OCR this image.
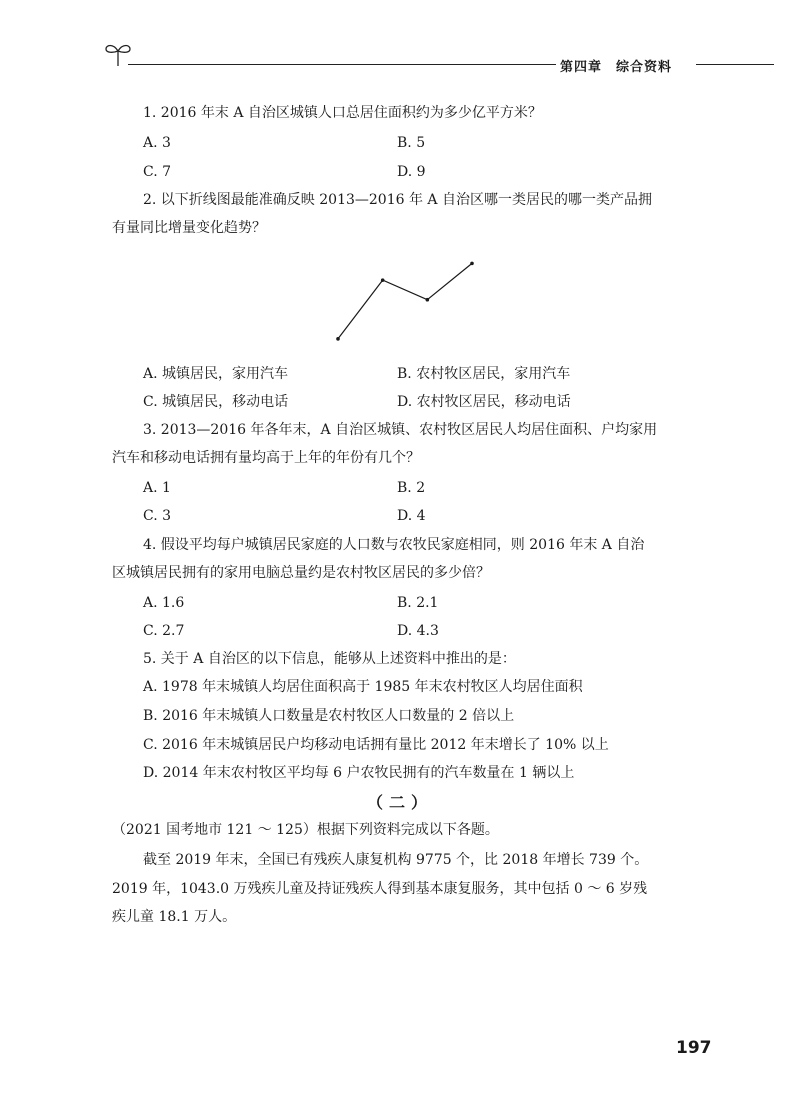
第四章 综合资料
1. 2016 年末 A 自治区城镇人口总居住面积约为多少亿平方米？
A. 3	B. 5
C. 7	D. 9
2. 以下折线图最能准确反映 2013—2016 年 A 自治区哪一类居民的哪一类产品拥
有量同比增量变化趋势？
A. 城镇居民，家用汽车	B. 农村牧区居民，家用汽车
C. 城镇居民，移动电话	D. 农村牧区居民，移动电话
3. 2013—2016 年各年末，A 自治区城镇、农村牧区居民人均居住面积、户均家用
汽车和移动电话拥有量均高于上年的年份有几个？
A. 1	B. 2
C. 3	D. 4
4. 假设平均每户城镇居民家庭的人口数与农牧民家庭相同，则 2016 年末 A 自治
区城镇居民拥有的家用电脑总量约是农村牧区居民的多少倍？
A. 1.6	B. 2.1
C. 2.7	D. 4.3
5. 关于 A 自治区的以下信息，能够从上述资料中推出的是：
A. 1978 年末城镇人均居住面积高于 1985 年末农村牧区人均居住面积
B. 2016 年末城镇人口数量是农村牧区人口数量的 2 倍以上
C. 2016 年末城镇居民户均移动电话拥有量比 2012 年末增长了 10% 以上
D. 2014 年末农村牧区平均每 6 户农牧民拥有的汽车数量在 1 辆以上
（二）
（2021 国考地市 121 ～ 125）根据下列资料完成以下各题。
截至 2019 年末，全国已有残疾人康复机构 9775 个，比 2018 年增长 739 个。
2019 年，1043.0 万残疾儿童及持证残疾人得到基本康复服务，其中包括 0 ～ 6 岁残
疾儿童 18.1 万人。
197
